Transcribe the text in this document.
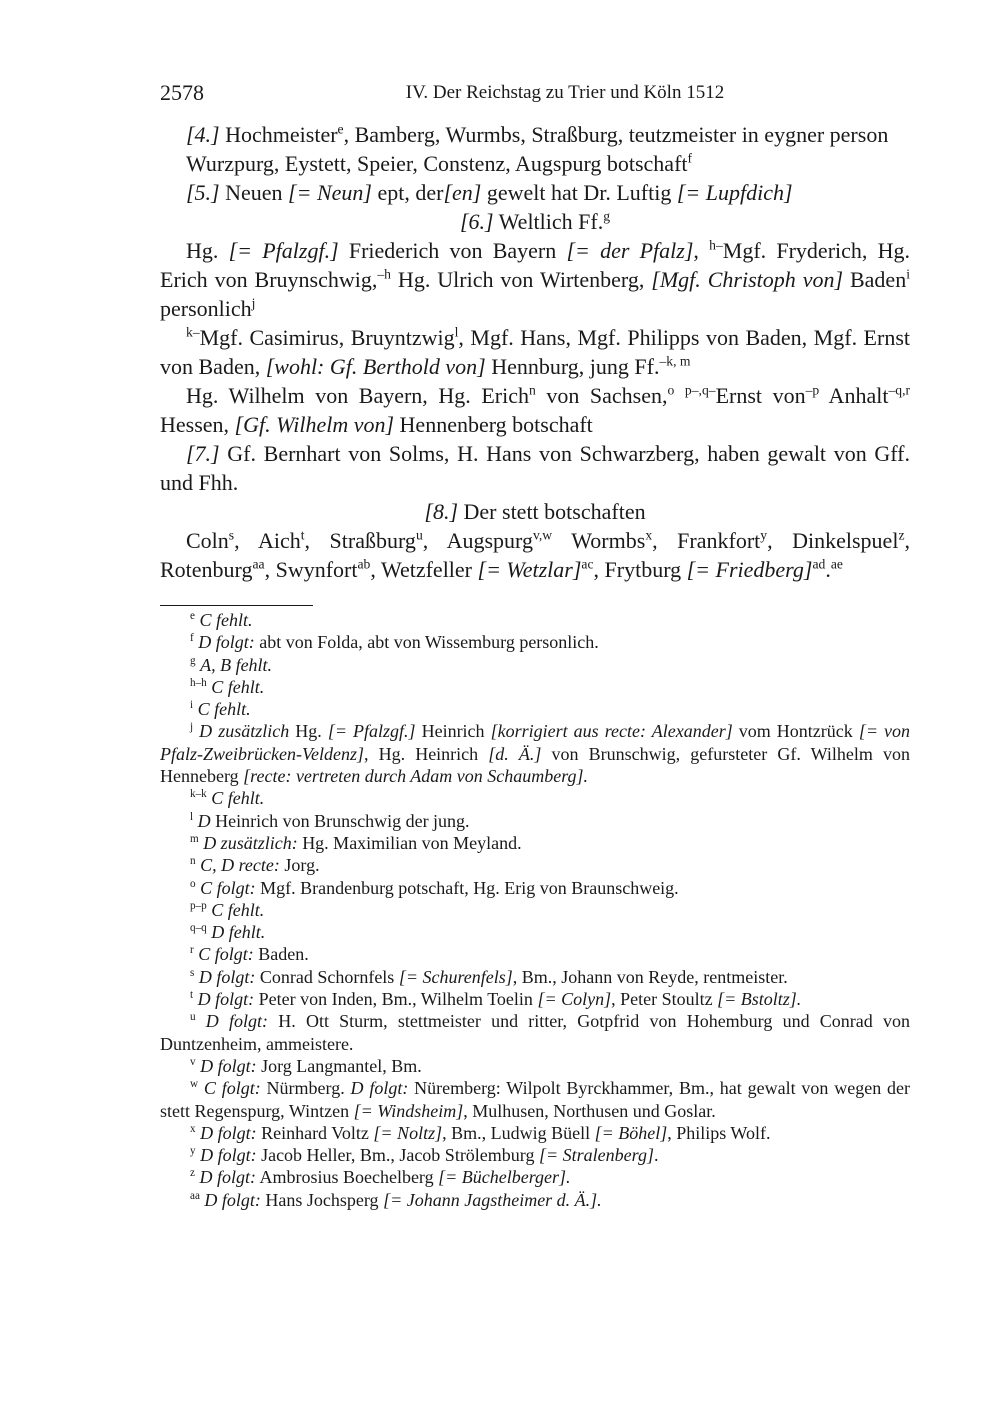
2578	IV. Der Reichstag zu Trier und Köln 1512

[4.] Hochmeister$^e$, Bamberg, Wurmbs, Straßburg, teutzmeister in eygner person

Wurzpurg, Eystett, Speier, Constenz, Augspurg botschaft$^f$

[5.] Neuen [= Neun] ept, der[en] gewelt hat Dr. Luftig [= Lupfdich]

[6.] Weltlich Ff.$^g$

Hg. [= Pfalzgf.] Friederich von Bayern [= der Pfalz], $^{h-}$Mgf. Fryderich, Hg. Erich von Bruynschwig,$^{-h}$ Hg. Ulrich von Wirtenberg, [Mgf. Christoph von] Baden$^i$ personlich$^j$

$^{k-}$Mgf. Casimirus, Bruyntzwig$^l$, Mgf. Hans, Mgf. Philipps von Baden, Mgf. Ernst von Baden, [wohl: Gf. Berthold von] Hennburg, jung Ff.$^{-k, m}$

Hg. Wilhelm von Bayern, Hg. Erich$^n$ von Sachsen,$^o$ $^{p-,q-}$Ernst von$^{-p}$ Anhalt$^{-q,r}$ Hessen, [Gf. Wilhelm von] Hennenberg botschaft

[7.] Gf. Bernhart von Solms, H. Hans von Schwarzberg, haben gewalt von Gff. und Fhh.

[8.] Der stett botschaften

Coln$^s$, Aich$^t$, Straßburg$^u$, Augspurg$^{v,w}$ Wormbs$^x$, Frankfort$^y$, Dinkelspuel$^z$, Rotenburg$^{aa}$, Swynfort$^{ab}$, Wetzfeller [= Wetzlar]$^{ac}$, Frytburg [= Friedberg]$^{ad}$.$^{ae}$

$^e$ C fehlt.

$^f$ D folgt: abt von Folda, abt von Wissemburg personlich.

$^g$ A, B fehlt.

$^{h-h}$ C fehlt.

$^i$ C fehlt.

$^j$ D zusätzlich Hg. [= Pfalzgf.] Heinrich [korrigiert aus recte: Alexander] vom Hontzrück [= von Pfalz-Zweibrücken-Veldenz], Hg. Heinrich [d. Ä.] von Brunschwig, gefursteter Gf. Wilhelm von Henneberg [recte: vertreten durch Adam von Schaumberg].

$^{k-k}$ C fehlt.

$^l$ D Heinrich von Brunschwig der jung.

$^m$ D zusätzlich: Hg. Maximilian von Meyland.

$^n$ C, D recte: Jorg.

$^o$ C folgt: Mgf. Brandenburg potschaft, Hg. Erig von Braunschweig.

$^{p-p}$ C fehlt.

$^{q-q}$ D fehlt.

$^r$ C folgt: Baden.

$^s$ D folgt: Conrad Schornfels [= Schurenfels], Bm., Johann von Reyde, rentmeister.

$^t$ D folgt: Peter von Inden, Bm., Wilhelm Toelin [= Colyn], Peter Stoultz [= Bstoltz].

$^u$ D folgt: H. Ott Sturm, stettmeister und ritter, Gotpfrid von Hohemburg und Conrad von Duntzenheim, ammeistere.

$^v$ D folgt: Jorg Langmantel, Bm.

$^w$ C folgt: Nürmberg. D folgt: Nüremberg: Wilpolt Byrckhammer, Bm., hat gewalt von wegen der stett Regenspurg, Wintzen [= Windsheim], Mulhusen, Northusen und Goslar.

$^x$ D folgt: Reinhard Voltz [= Noltz], Bm., Ludwig Büell [= Böhel], Philips Wolf.

$^y$ D folgt: Jacob Heller, Bm., Jacob Strölemburg [= Stralenberg].

$^z$ D folgt: Ambrosius Boechelberg [= Büchelberger].

$^{aa}$ D folgt: Hans Jochsperg [= Johann Jagstheimer d. Ä.].
